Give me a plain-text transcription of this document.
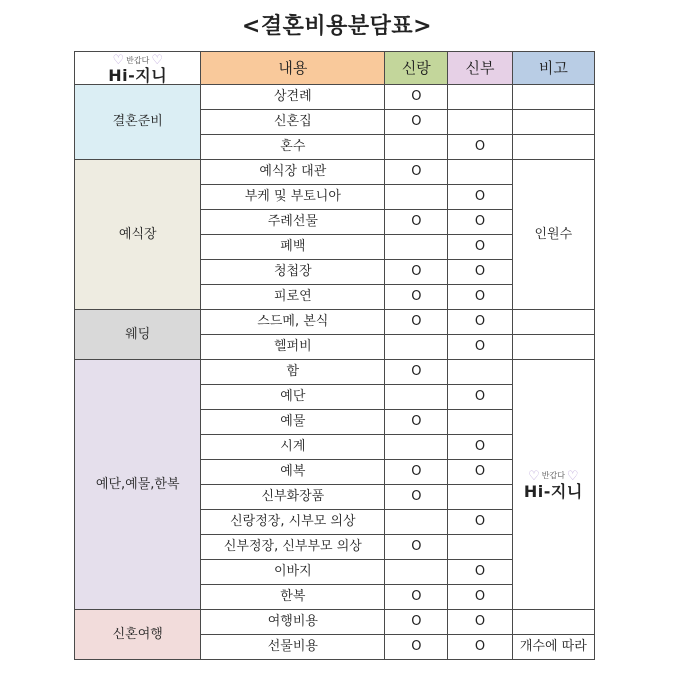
<결혼비용분담표>
♡ 반갑다 ♡
Hi-지니	내용	신랑	신부	비고
결혼준비	상견례	O		
	신혼집	O		
	혼수		O	
예식장	예식장 대관	O		인원수
	부케 및 부토니아		O	
	주례선물	O	O	
	폐백		O	
	청첩장	O	O	
	피로연	O	O	
웨딩	스드메, 본식	O	O	
	헬퍼비		O	
예단,예물,한복	함	O		♡ 반갑다 ♡
Hi-지니

	예단		O	
	예물	O		
	시계		O	
	예복	O	O	
	신부화장품	O		
	신랑정장, 시부모 의상		O	
	신부정장, 신부부모 의상	O		
	이바지		O	
	한복	O	O	
신혼여행	여행비용	O	O	
	선물비용	O	O	개수에 따라
